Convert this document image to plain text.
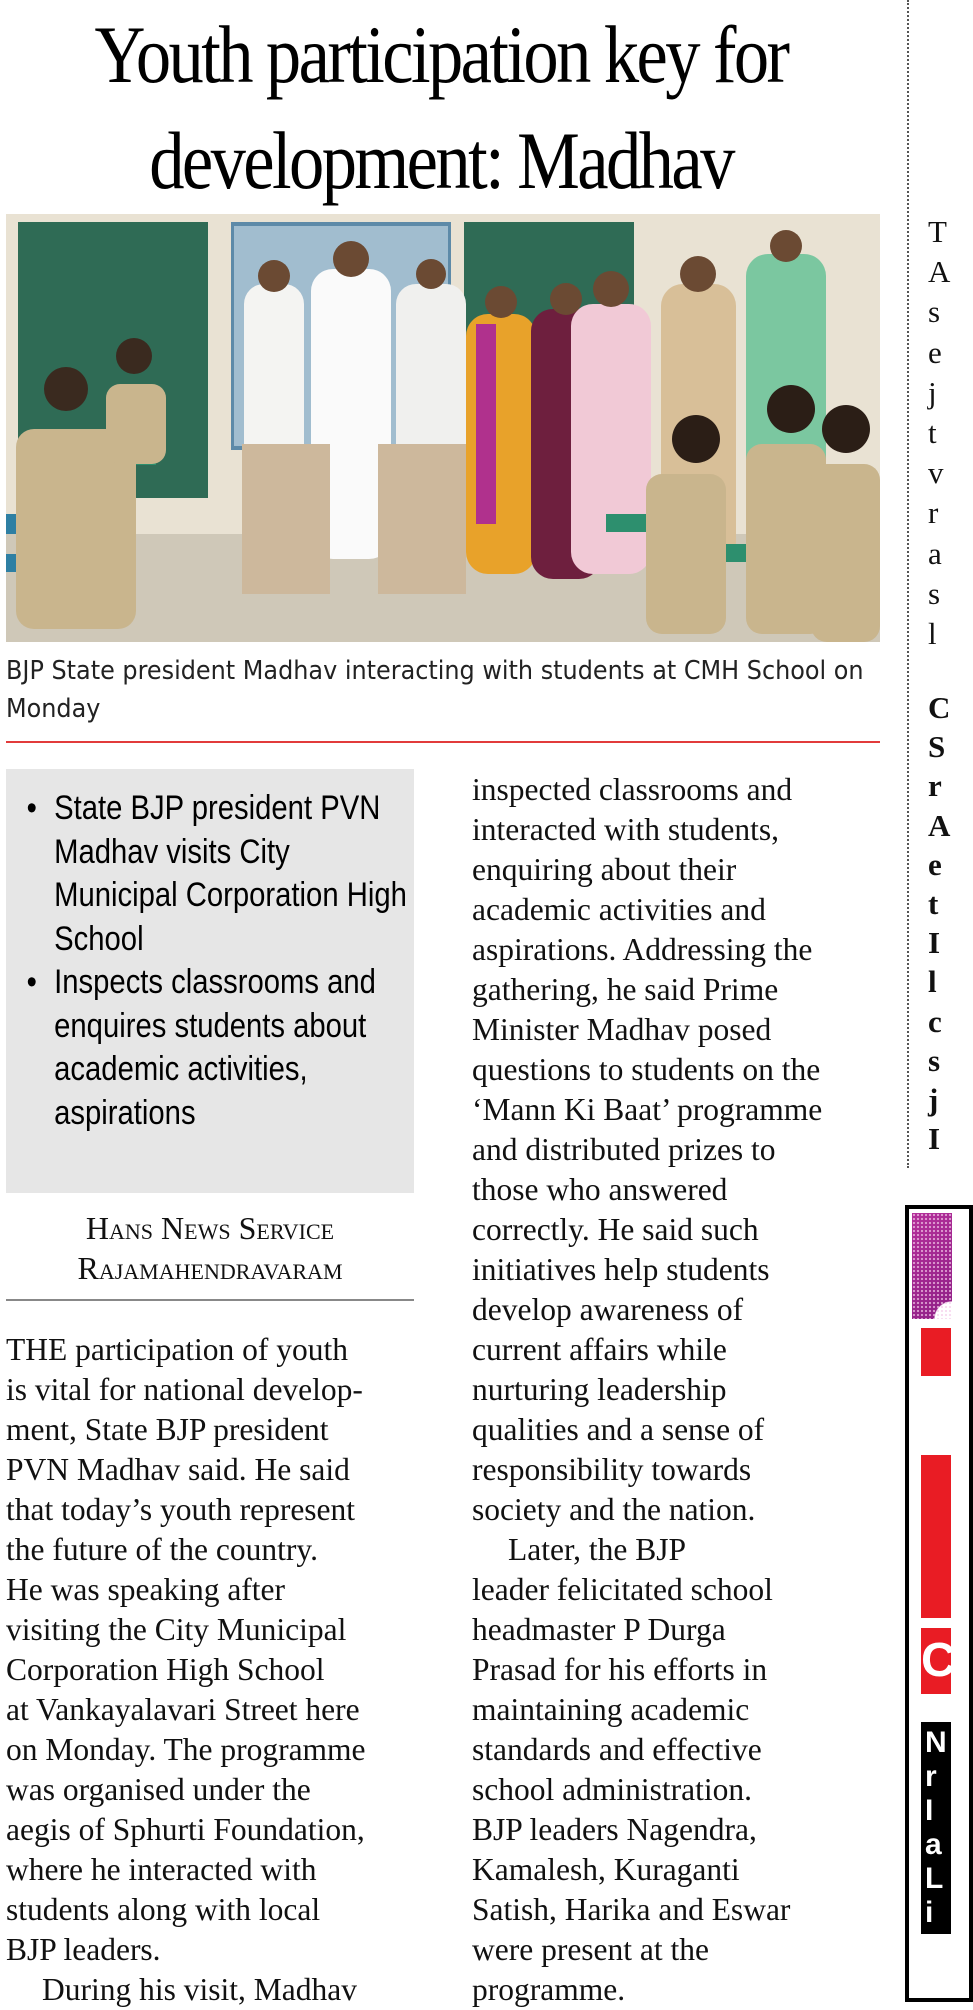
Youth participation key for
development: Madhav
BJP State president Madhav interacting with students at CMH School on Monday
• State BJP president PVN Madhav visits City Municipal Corporation High School
• Inspects classrooms and enquires students about academic activities, aspirations
Hans News Service
Rajamahendravaram
THE participation of youth
is vital for national develop-
ment, State BJP president
PVN Madhav said. He said
that today’s youth represent
the future of the country.
He was speaking after
visiting the City Municipal
Corporation High School
at Vankayalavari Street here
on Monday. The programme
was organised under the
aegis of Sphurti Foundation,
where he interacted with
students along with local
BJP leaders.
During his visit, Madhav
inspected classrooms and
interacted with students,
enquiring about their
academic activities and
aspirations. Addressing the
gathering, he said Prime
Minister Madhav posed
questions to students on the
‘Mann Ki Baat’ programme
and distributed prizes to
those who answered
correctly. He said such
initiatives help students
develop awareness of
current affairs while
nurturing leadership
qualities and a sense of
responsibility towards
society and the nation.
Later, the BJP
leader felicitated school
headmaster P Durga
Prasad for his efforts in
maintaining academic
standards and effective
school administration.
BJP leaders Nagendra,
Kamalesh, Kuraganti
Satish, Harika and Eswar
were present at the
programme.
T
A
s
e
j
t
v
r
a
s
l
C
S
r
A
e
t
I
l
c
s
j
I
C
N
r
I
a
L
i
